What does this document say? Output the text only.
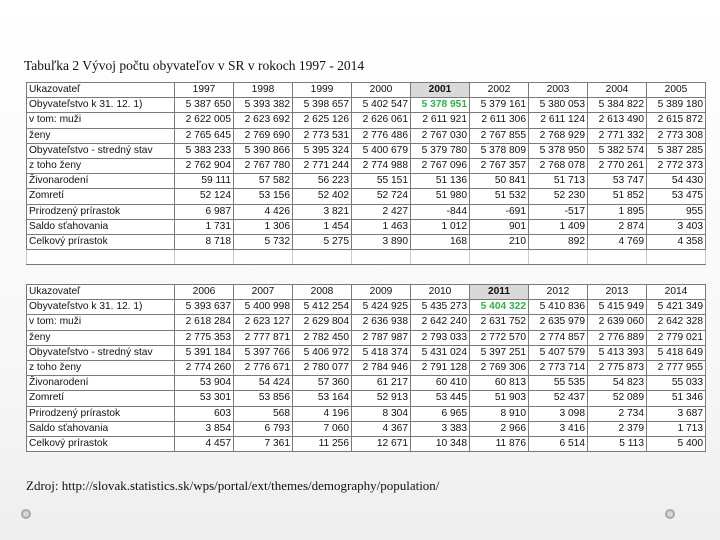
Tabuľka 2 Vývoj počtu obyvateľov v SR v rokoch 1997 - 2014
Ukazovateľ	1997	1998	1999	2000	2001	2002	2003	2004	2005
Obyvateľstvo k 31. 12. 1)	5 387 650	5 393 382	5 398 657	5 402 547	5 378 951	5 379 161	5 380 053	5 384 822	5 389 180
v tom: muži	2 622 005	2 623 692	2 625 126	2 626 061	2 611 921	2 611 306	2 611 124	2 613 490	2 615 872
ženy	2 765 645	2 769 690	2 773 531	2 776 486	2 767 030	2 767 855	2 768 929	2 771 332	2 773 308
Obyvateľstvo - stredný stav	5 383 233	5 390 866	5 395 324	5 400 679	5 379 780	5 378 809	5 378 950	5 382 574	5 387 285
z toho ženy	2 762 904	2 767 780	2 771 244	2 774 988	2 767 096	2 767 357	2 768 078	2 770 261	2 772 373
Živonarodení	59 111	57 582	56 223	55 151	51 136	50 841	51 713	53 747	54 430
Zomretí	52 124	53 156	52 402	52 724	51 980	51 532	52 230	51 852	53 475
Prirodzený prírastok	6 987	4 426	3 821	2 427	-844	-691	-517	1 895	955
Saldo sťahovania	1 731	1 306	1 454	1 463	1 012	901	1 409	2 874	3 403
Celkový prírastok	8 718	5 732	5 275	3 890	168	210	892	4 769	4 358

Ukazovateľ	2006	2007	2008	2009	2010	2011	2012	2013	2014
Obyvateľstvo k 31. 12. 1)	5 393 637	5 400 998	5 412 254	5 424 925	5 435 273	5 404 322	5 410 836	5 415 949	5 421 349
v tom: muži	2 618 284	2 623 127	2 629 804	2 636 938	2 642 240	2 631 752	2 635 979	2 639 060	2 642 328
ženy	2 775 353	2 777 871	2 782 450	2 787 987	2 793 033	2 772 570	2 774 857	2 776 889	2 779 021
Obyvateľstvo - stredný stav	5 391 184	5 397 766	5 406 972	5 418 374	5 431 024	5 397 251	5 407 579	5 413 393	5 418 649
z toho ženy	2 774 260	2 776 671	2 780 077	2 784 946	2 791 128	2 769 306	2 773 714	2 775 873	2 777 955
Živonarodení	53 904	54 424	57 360	61 217	60 410	60 813	55 535	54 823	55 033
Zomretí	53 301	53 856	53 164	52 913	53 445	51 903	52 437	52 089	51 346
Prirodzený prírastok	603	568	4 196	8 304	6 965	8 910	3 098	2 734	3 687
Saldo sťahovania	3 854	6 793	7 060	4 367	3 383	2 966	3 416	2 379	1 713
Celkový prírastok	4 457	7 361	11 256	12 671	10 348	11 876	6 514	5 113	5 400
Zdroj: http://slovak.statistics.sk/wps/portal/ext/themes/demography/population/
